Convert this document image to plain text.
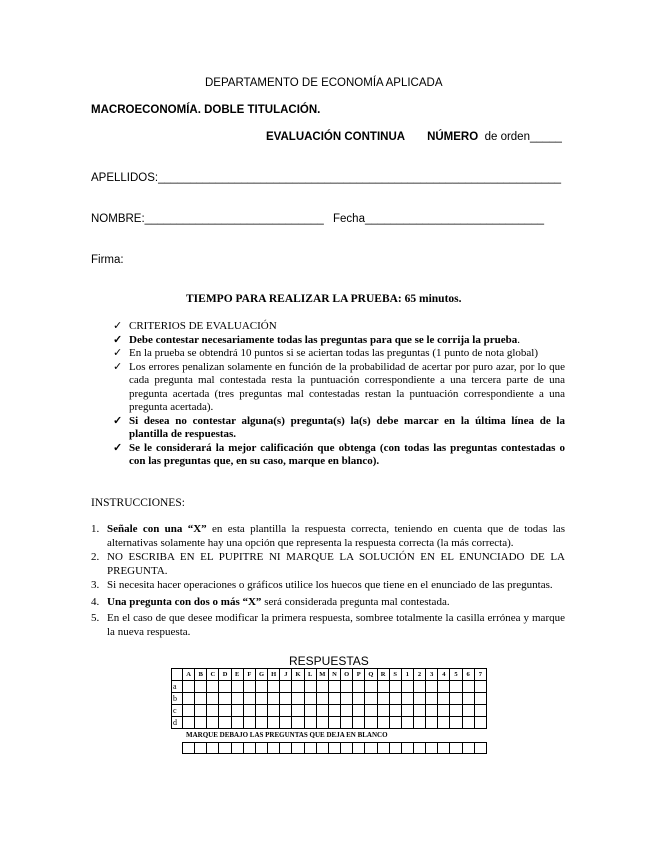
DEPARTAMENTO DE ECONOMÍA APLICADA
MACROECONOMÍA. DOBLE TITULACIÓN.
EVALUACIÓN CONTINUA NÚMERO de orden_____
APELLIDOS:_______________________________________________________________
NOMBRE:____________________________ Fecha____________________________
Firma:
TIEMPO PARA REALIZAR LA PRUEBA: 65 minutos.
✓ CRITERIOS DE EVALUACIÓN
✓ Debe contestar necesariamente todas las preguntas para que se le corrija la prueba.
✓ En la prueba se obtendrá 10 puntos si se aciertan todas las preguntas (1 punto de nota global)
✓ Los errores penalizan solamente en función de la probabilidad de acertar por puro azar, por lo que cada pregunta mal contestada resta la puntuación correspondiente a una tercera parte de una pregunta acertada (tres preguntas mal contestadas restan la puntuación correspondiente a una pregunta acertada).
✓ Si desea no contestar alguna(s) pregunta(s) la(s) debe marcar en la última línea de la plantilla de respuestas.
✓ Se le considerará la mejor calificación que obtenga (con todas las preguntas contestadas o con las preguntas que, en su caso, marque en blanco).
INSTRUCCIONES:
1. Señale con una “X” en esta plantilla la respuesta correcta, teniendo en cuenta que de todas las alternativas solamente hay una opción que representa la respuesta correcta (la más correcta).
2. NO ESCRIBA EN EL PUPITRE NI MARQUE LA SOLUCIÓN EN EL ENUNCIADO DE LA PREGUNTA.
3. Si necesita hacer operaciones o gráficos utilice los huecos que tiene en el enunciado de las preguntas.
4. Una pregunta con dos o más “X” será considerada pregunta mal contestada.
5. En el caso de que desee modificar la primera respuesta, sombree totalmente la casilla errónea y marque la nueva respuesta.
RESPUESTAS
	A	B	C	D	E	F	G	H	J	K	L	M	N	O	P	Q	R	S	1	2	3	4	5	6	7
a																									
b																									
c																									
d																									
MARQUE DEBAJO LAS PREGUNTAS QUE DEJA EN BLANCO
